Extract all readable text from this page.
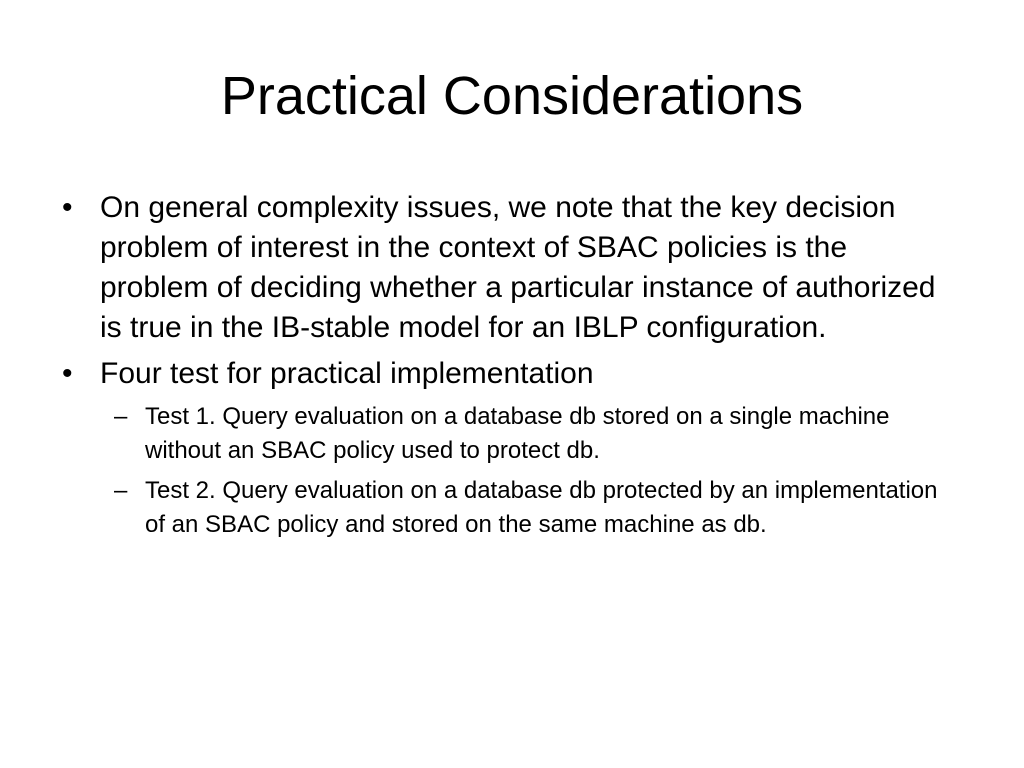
Practical Considerations
• On general complexity issues, we note that the key decision problem of interest in the context of SBAC policies is the problem of deciding whether a particular instance of authorized is true in the IB-stable model for an IBLP configuration.
• Four test for practical implementation
– Test 1. Query evaluation on a database db stored on a single machine without an SBAC policy used to protect db.
– Test 2. Query evaluation on a database db protected by an implementation of an SBAC policy and stored on the same machine as db.
